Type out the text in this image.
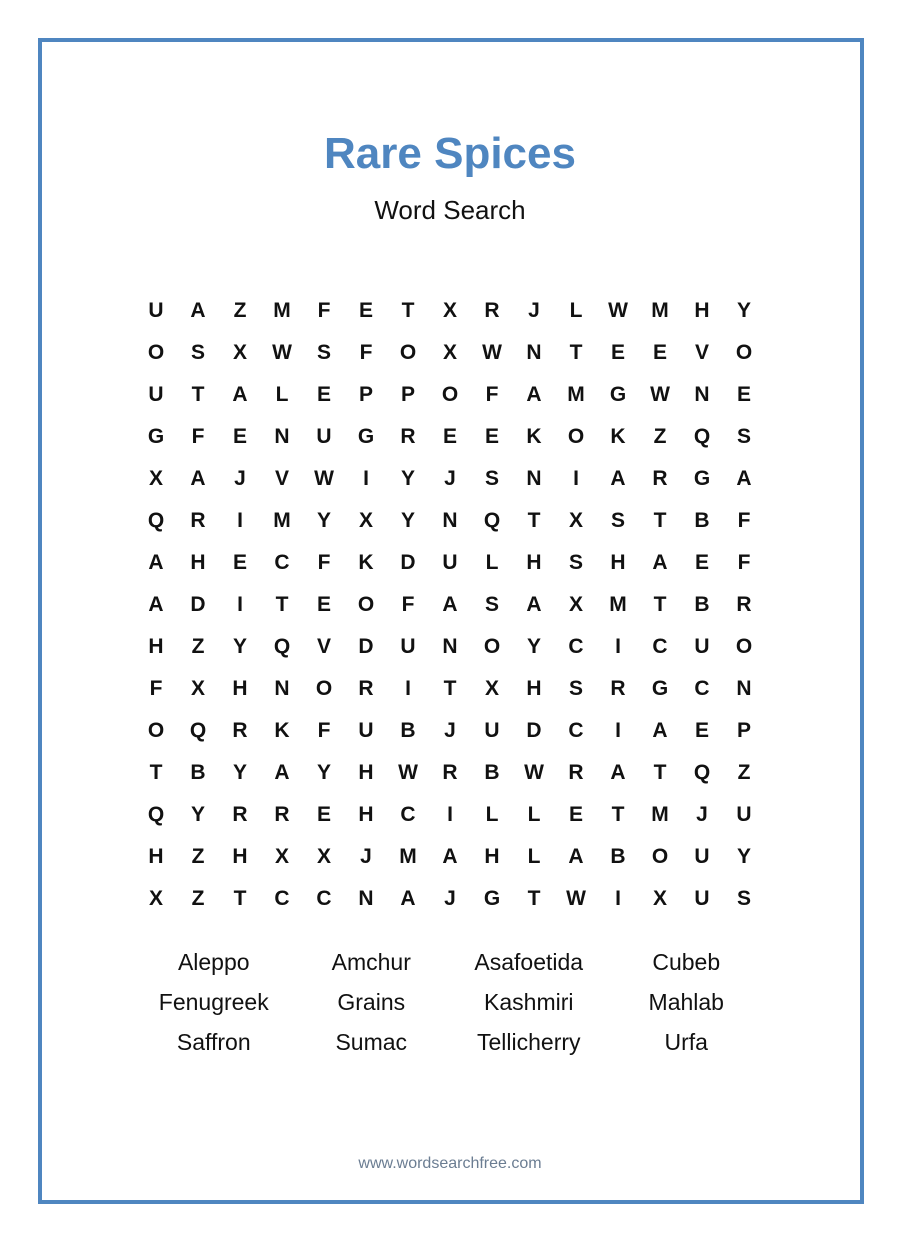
Rare Spices
Word Search
U	A	Z	M	F	E	T	X	R	J	L	W	M	H	Y
O	S	X	W	S	F	O	X	W	N	T	E	E	V	O
U	T	A	L	E	P	P	O	F	A	M	G	W	N	E
G	F	E	N	U	G	R	E	E	K	O	K	Z	Q	S
X	A	J	V	W	I	Y	J	S	N	I	A	R	G	A
Q	R	I	M	Y	X	Y	N	Q	T	X	S	T	B	F
A	H	E	C	F	K	D	U	L	H	S	H	A	E	F
A	D	I	T	E	O	F	A	S	A	X	M	T	B	R
H	Z	Y	Q	V	D	U	N	O	Y	C	I	C	U	O
F	X	H	N	O	R	I	T	X	H	S	R	G	C	N
O	Q	R	K	F	U	B	J	U	D	C	I	A	E	P
T	B	Y	A	Y	H	W	R	B	W	R	A	T	Q	Z
Q	Y	R	R	E	H	C	I	L	L	E	T	M	J	U
H	Z	H	X	X	J	M	A	H	L	A	B	O	U	Y
X	Z	T	C	C	N	A	J	G	T	W	I	X	U	S
Aleppo	Amchur	Asafoetida	Cubeb
Fenugreek	Grains	Kashmiri	Mahlab
Saffron	Sumac	Tellicherry	Urfa
www.wordsearchfree.com
